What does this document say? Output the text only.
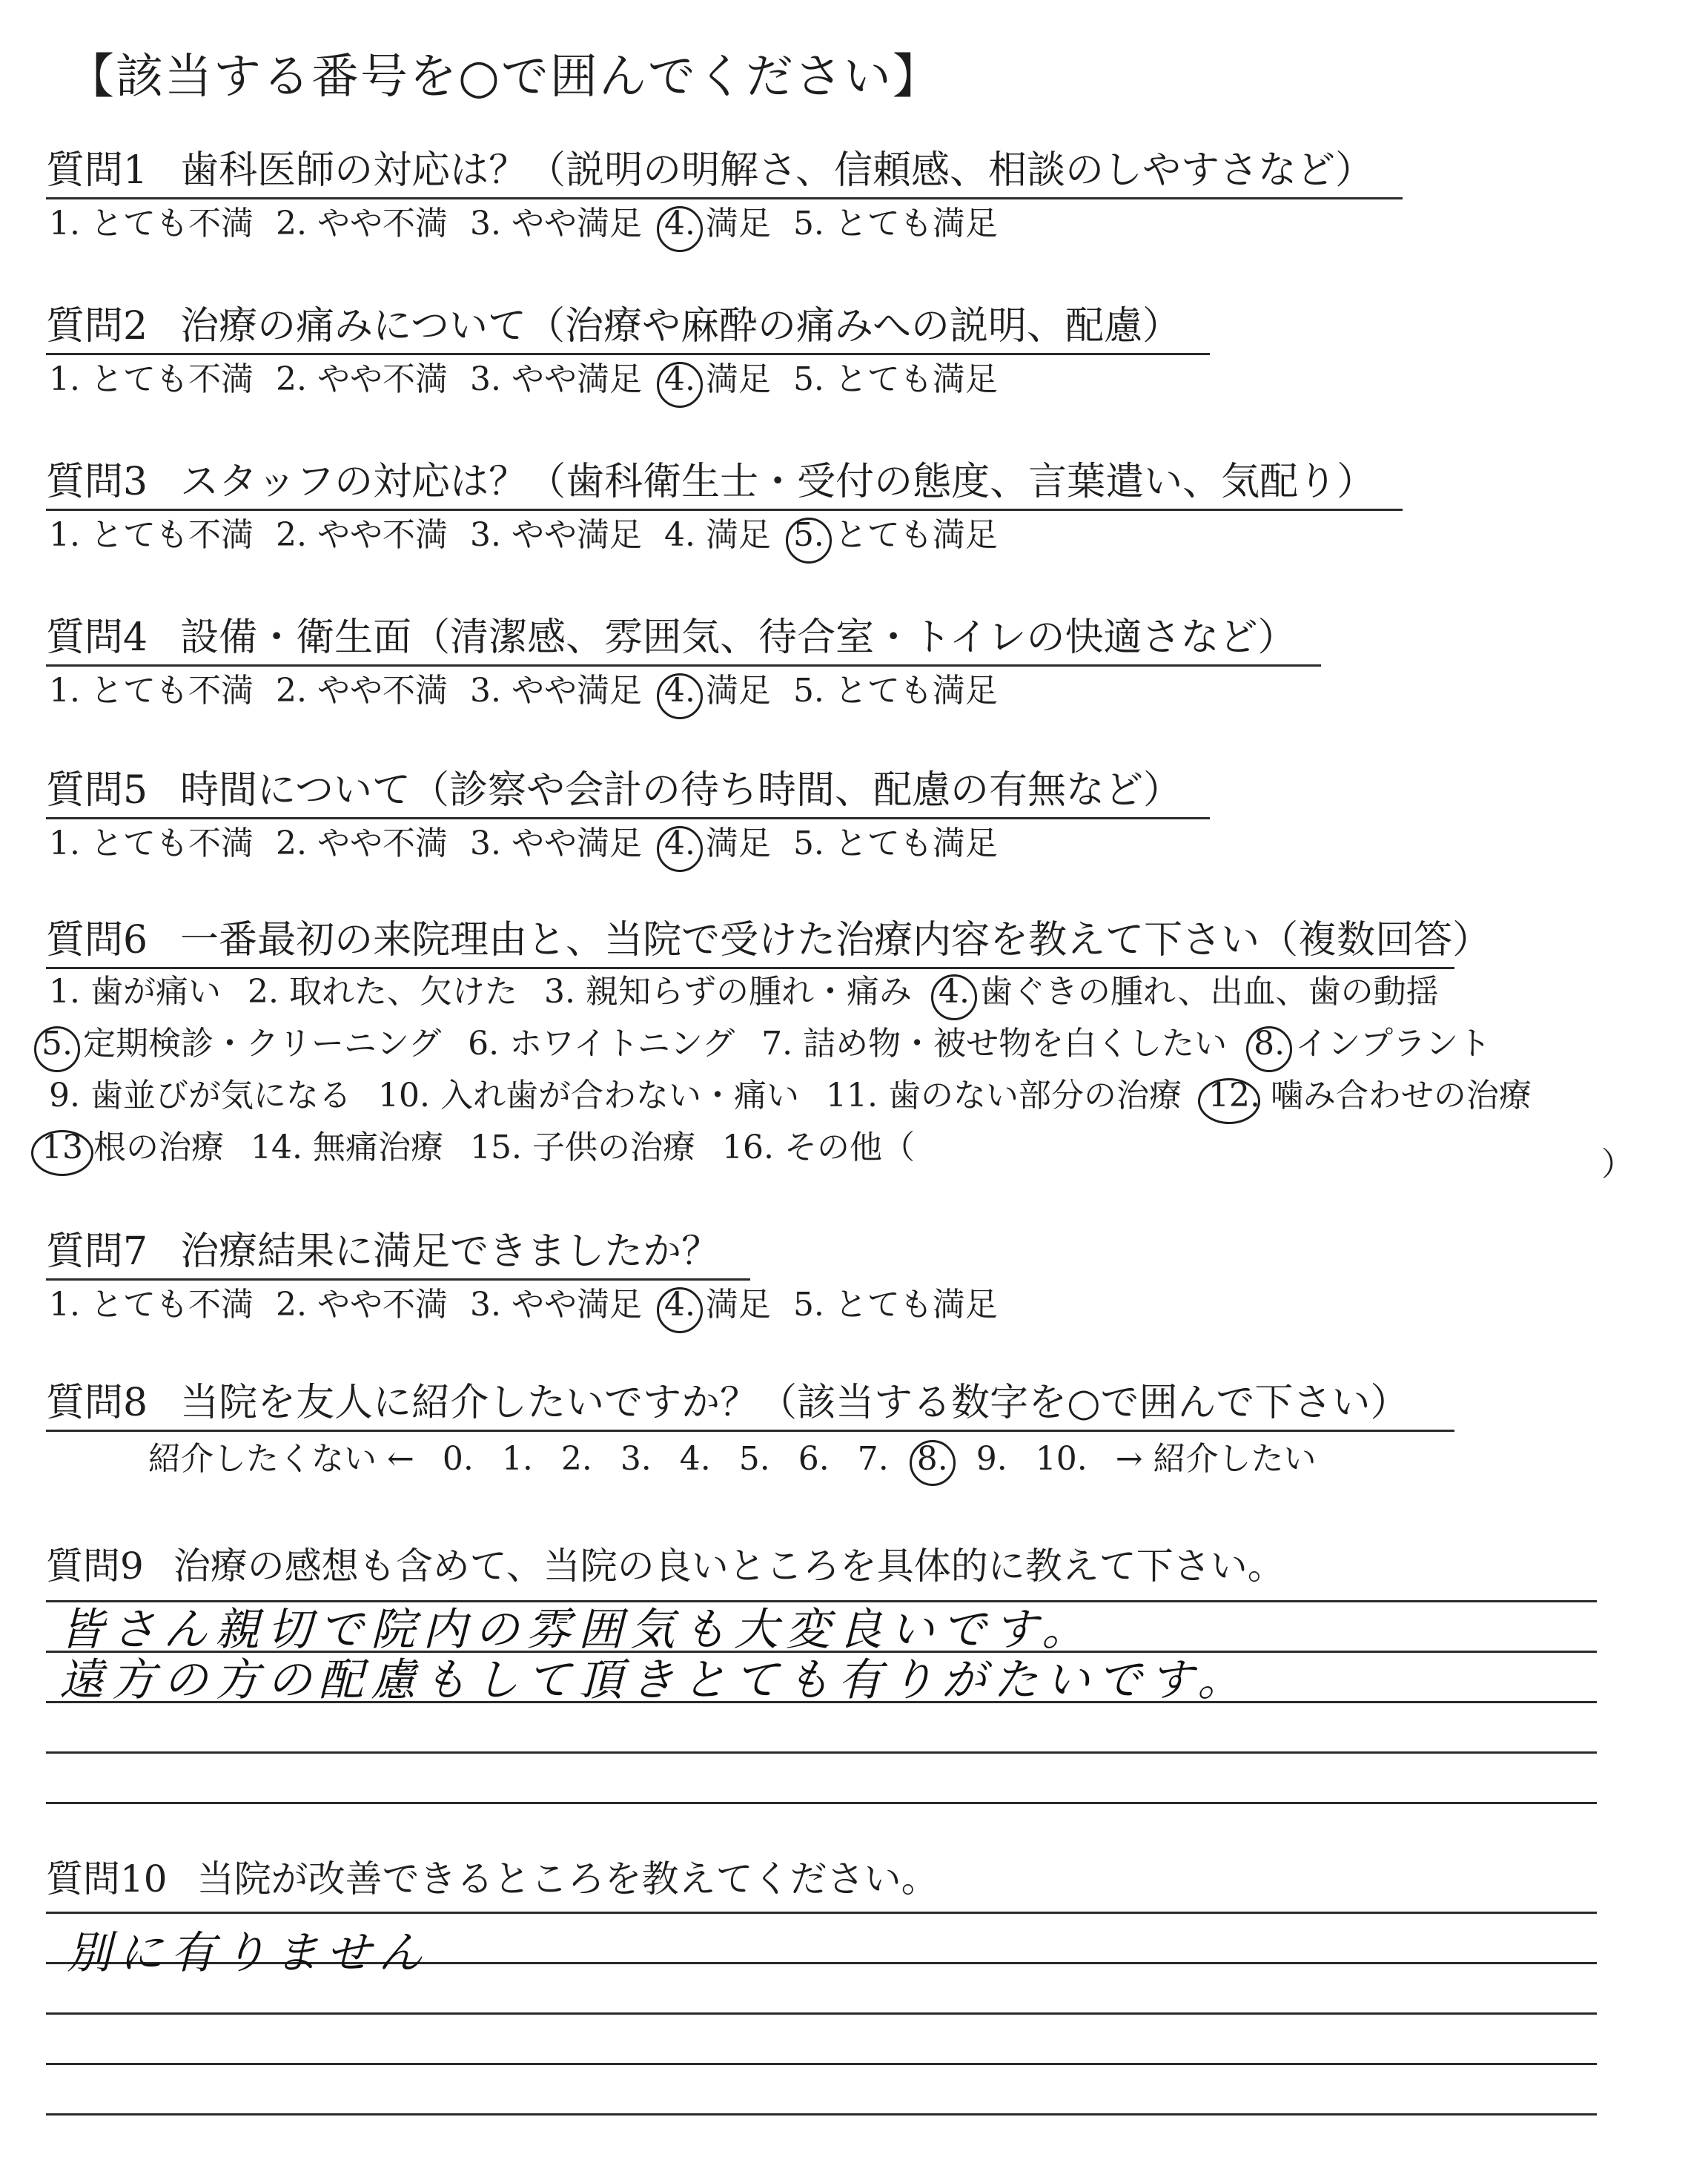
【該当する番号を○で囲んでください】
質問1 歯科医師の対応は？（説明の明解さ、信頼感、相談のしやすさなど）
1. とても不満 2. やや不満 3. やや満足 4. 満足 5. とても満足
質問2 治療の痛みについて（治療や麻酔の痛みへの説明、配慮）
1. とても不満 2. やや不満 3. やや満足 4. 満足 5. とても満足
質問3 スタッフの対応は？（歯科衛生士・受付の態度、言葉遣い、気配り）
1. とても不満 2. やや不満 3. やや満足 4. 満足 5. とても満足
質問4 設備・衛生面（清潔感、雰囲気、待合室・トイレの快適さなど）
1. とても不満 2. やや不満 3. やや満足 4. 満足 5. とても満足
質問5 時間について（診察や会計の待ち時間、配慮の有無など）
1. とても不満 2. やや不満 3. やや満足 4. 満足 5. とても満足
質問6 一番最初の来院理由と、当院で受けた治療内容を教えて下さい（複数回答）
1. 歯が痛い 2. 取れた、欠けた 3. 親知らずの腫れ・痛み 4. 歯ぐきの腫れ、出血、歯の動揺
5. 定期検診・クリーニング 6. ホワイトニング 7. 詰め物・被せ物を白くしたい 8. インプラント
9. 歯並びが気になる 10. 入れ歯が合わない・痛い 11. 歯のない部分の治療 12. 噛み合わせの治療
13 根の治療 14. 無痛治療 15. 子供の治療 16. その他（	）
質問7 治療結果に満足できましたか？
1. とても不満 2. やや不満 3. やや満足 4. 満足 5. とても満足
質問8 当院を友人に紹介したいですか？（該当する数字を○で囲んで下さい）
紹介したくない ← 0. 1. 2. 3. 4. 5. 6. 7. 8. 9. 10. → 紹介したい
質問9 治療の感想も含めて、当院の良いところを具体的に教えて下さい。
皆さん親切で院内の雰囲気も大変良いです。
遠方の方の配慮もして頂きとても有りがたいです。
質問10 当院が改善できるところを教えてください。
別に有りません
